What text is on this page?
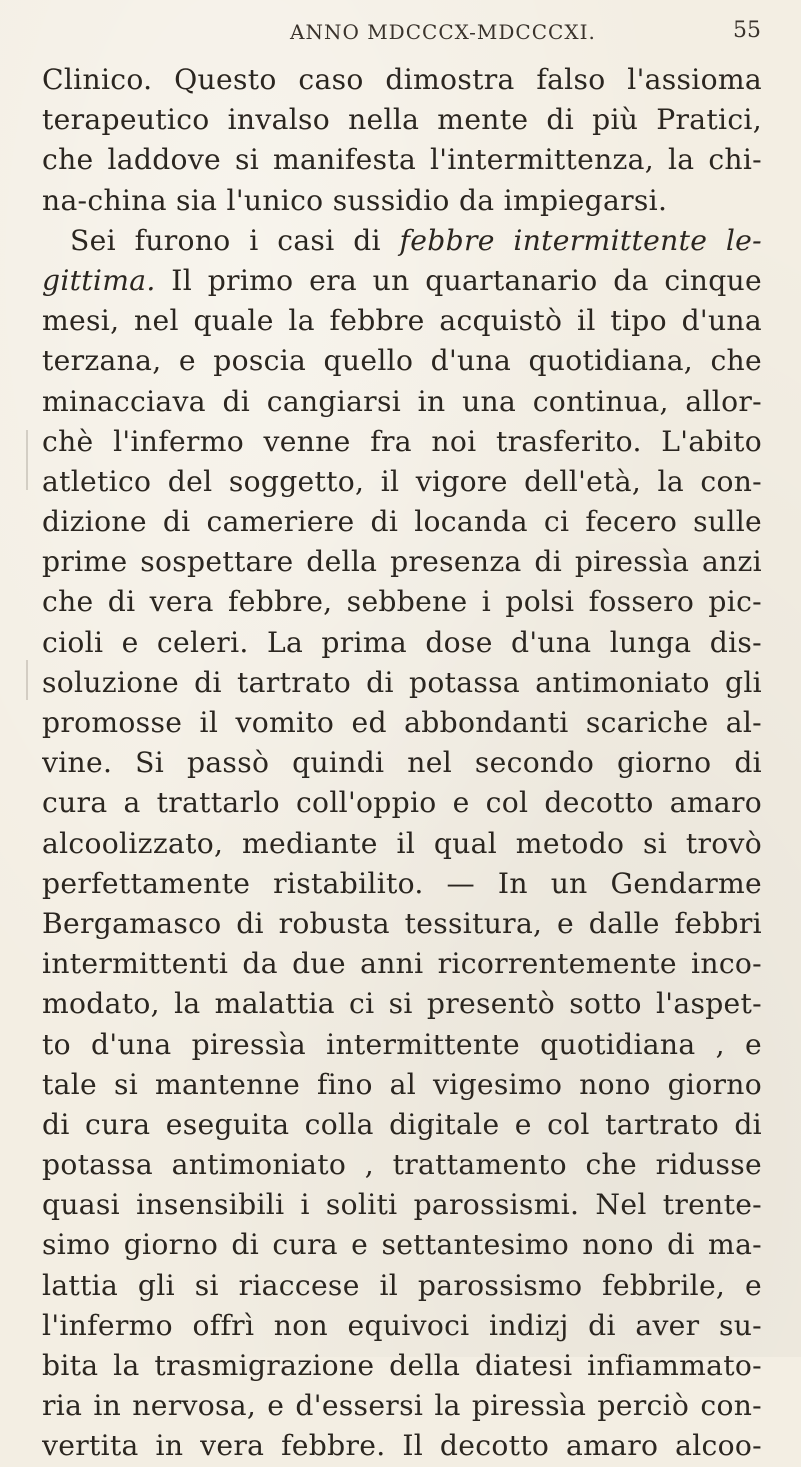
ANNO MDCCCX-MDCCCXI.	55
Clinico. Questo caso dimostra falso l'assioma
terapeutico invalso nella mente di più Pratici,
che laddove si manifesta l'intermittenza, la chi-
na-china sia l'unico sussidio da impiegarsi.
Sei furono i casi di febbre intermittente le-
gittima. Il primo era un quartanario da cinque
mesi, nel quale la febbre acquistò il tipo d'una
terzana, e poscia quello d'una quotidiana, che
minacciava di cangiarsi in una continua, allor-
chè l'infermo venne fra noi trasferito. L'abito
atletico del soggetto, il vigore dell'età, la con-
dizione di cameriere di locanda ci fecero sulle
prime sospettare della presenza di piressìa anzi
che di vera febbre, sebbene i polsi fossero pic-
cioli e celeri. La prima dose d'una lunga dis-
soluzione di tartrato di potassa antimoniato gli
promosse il vomito ed abbondanti scariche al-
vine. Si passò quindi nel secondo giorno di
cura a trattarlo coll'oppio e col decotto amaro
alcoolizzato, mediante il qual metodo si trovò
perfettamente ristabilito. — In un Gendarme
Bergamasco di robusta tessitura, e dalle febbri
intermittenti da due anni ricorrentemente inco-
modato, la malattia ci si presentò sotto l'aspet-
to d'una piressìa intermittente quotidiana , e
tale si mantenne fino al vigesimo nono giorno
di cura eseguita colla digitale e col tartrato di
potassa antimoniato , trattamento che ridusse
quasi insensibili i soliti parossismi. Nel trente-
simo giorno di cura e settantesimo nono di ma-
lattia gli si riaccese il parossismo febbrile, e
l'infermo offrì non equivoci indizj di aver su-
bita la trasmigrazione della diatesi infiammato-
ria in nervosa, e d'essersi la piressìa perciò con-
vertita in vera febbre. Il decotto amaro alcoo-
